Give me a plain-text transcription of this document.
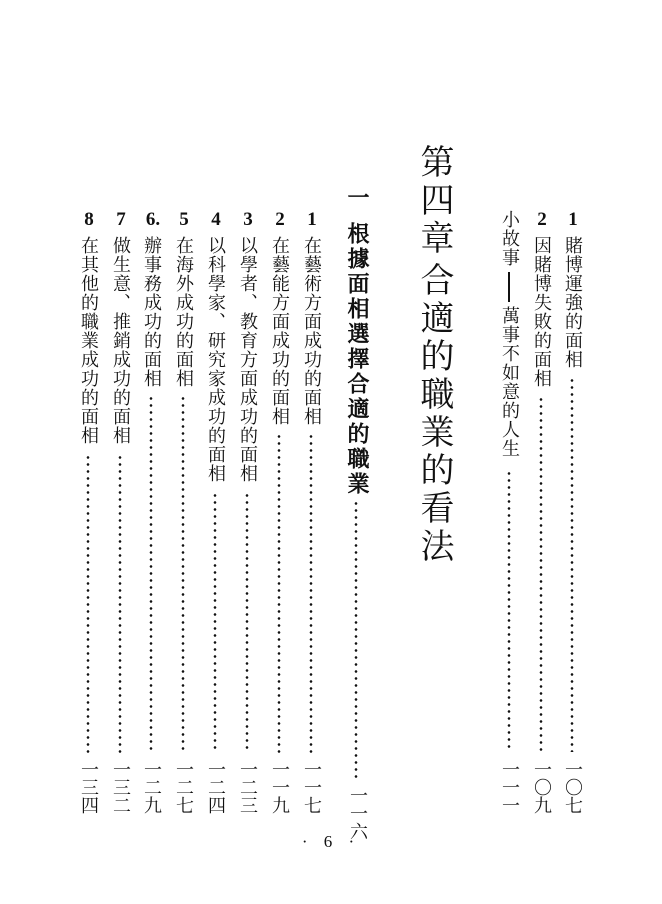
1
賭博運強的面相
一〇七
2
因賭博失敗的面相
一〇九
小故事
萬事不如意的人生
一一一
第四章
合適的職業的看法
一
根據面相選擇合適的職業
一一六
1
在藝術方面成功的面相
一一七
2
在藝能方面成功的面相
一一九
3
以學者、教育方面成功的面相
一二三
4
以科學家、研究家成功的面相
一二四
5
在海外成功的面相
一二七
6.
辦事務成功的面相
一二九
7
做生意、推銷成功的面相
一三二
8
在其他的職業成功的面相
一三四
· 6 ·
